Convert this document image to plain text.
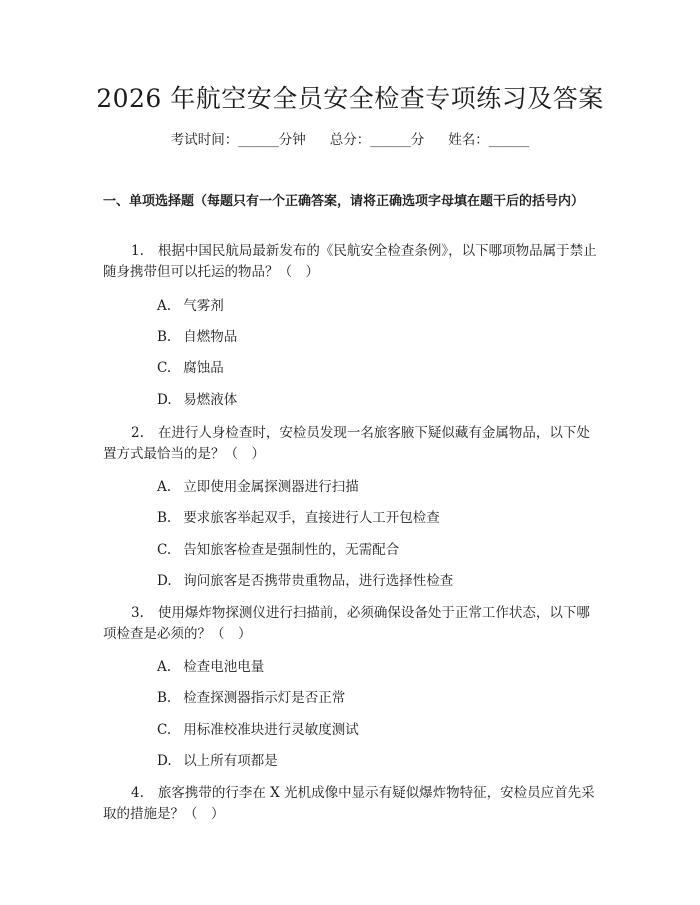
2026 年航空安全员安全检查专项练习及答案
考试时间：______分钟 总分：______分 姓名：______
一、单项选择题（每题只有一个正确答案，请将正确选项字母填在题干后的括号内）
1. 根据中国民航局最新发布的《民航安全检查条例》，以下哪项物品属于禁止随身携带但可以托运的物品？（　）
A. 气雾剂
B. 自燃物品
C. 腐蚀品
D. 易燃液体
2. 在进行人身检查时，安检员发现一名旅客腋下疑似藏有金属物品，以下处置方式最恰当的是？（　）
A. 立即使用金属探测器进行扫描
B. 要求旅客举起双手，直接进行人工开包检查
C. 告知旅客检查是强制性的，无需配合
D. 询问旅客是否携带贵重物品，进行选择性检查
3. 使用爆炸物探测仪进行扫描前，必须确保设备处于正常工作状态，以下哪项检查是必须的？（　）
A. 检查电池电量
B. 检查探测器指示灯是否正常
C. 用标准校准块进行灵敏度测试
D. 以上所有项都是
4. 旅客携带的行李在 X 光机成像中显示有疑似爆炸物特征，安检员应首先采取的措施是？（　）
